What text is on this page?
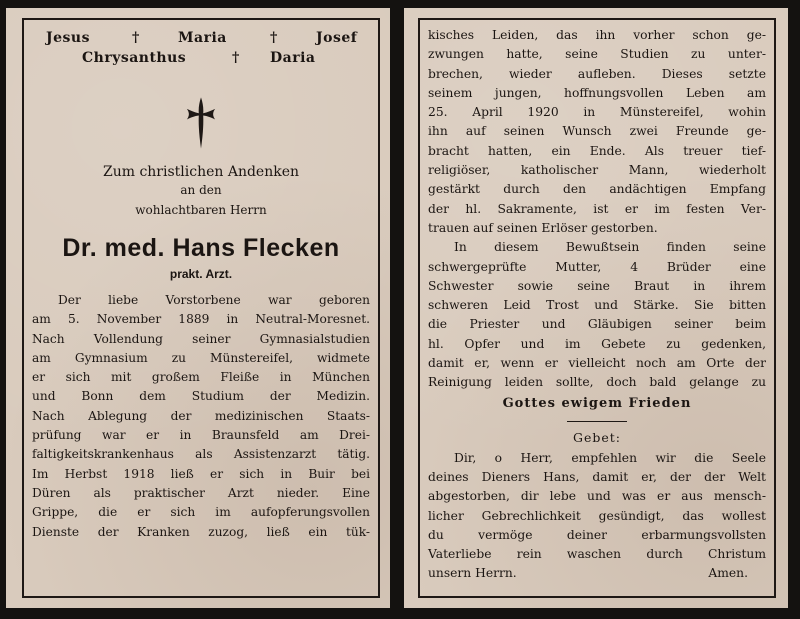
Jesus	†	Maria	†	Josef
Chrysanthus	† Daria
Zum christlichen Andenken
an den
wohlachtbaren Herrn
Dr. med. Hans Flecken
prakt. Arzt.
Der liebe Vorstorbene war geboren
am 5. November 1889 in Neutral-Moresnet.
Nach Vollendung seiner Gymnasialstudien
am Gymnasium zu Münstereifel, widmete
er sich mit großem Fleiße in München
und Bonn dem Studium der Medizin.
Nach Ablegung der medizinischen Staats-
prüfung war er in Braunsfeld am Drei-
faltigkeitskrankenhaus als Assistenzarzt tätig.
Im Herbst 1918 ließ er sich in Buir bei
Düren als praktischer Arzt nieder. Eine
Grippe, die er sich im aufopferungsvollen
Dienste der Kranken zuzog, ließ ein tük-
kisches Leiden, das ihn vorher schon ge-
zwungen hatte, seine Studien zu unter-
brechen, wieder aufleben. Dieses setzte
seinem jungen, hoffnungsvollen Leben am
25. April 1920 in Münstereifel, wohin
ihn auf seinen Wunsch zwei Freunde ge-
bracht hatten, ein Ende. Als treuer tief-
religiöser, katholischer Mann, wiederholt
gestärkt durch den andächtigen Empfang
der hl. Sakramente, ist er im festen Ver-
trauen auf seinen Erlöser gestorben.
In diesem Bewußtsein finden seine
schwergeprüfte Mutter, 4 Brüder eine
Schwester sowie seine Braut in ihrem
schweren Leid Trost und Stärke. Sie bitten
die Priester und Gläubigen seiner beim
hl. Opfer und im Gebete zu gedenken,
damit er, wenn er vielleicht noch am Orte der
Reinigung leiden sollte, doch bald gelange zu
Gottes ewigem Frieden
Gebet:
Dir, o Herr, empfehlen wir die Seele
deines Dieners Hans, damit er, der der Welt
abgestorben, dir lebe und was er aus mensch-
licher Gebrechlichkeit gesündigt, das wollest
du vermöge deiner erbarmungsvollsten
Vaterliebe rein waschen durch Christum
unsern Herrn.	Amen.
